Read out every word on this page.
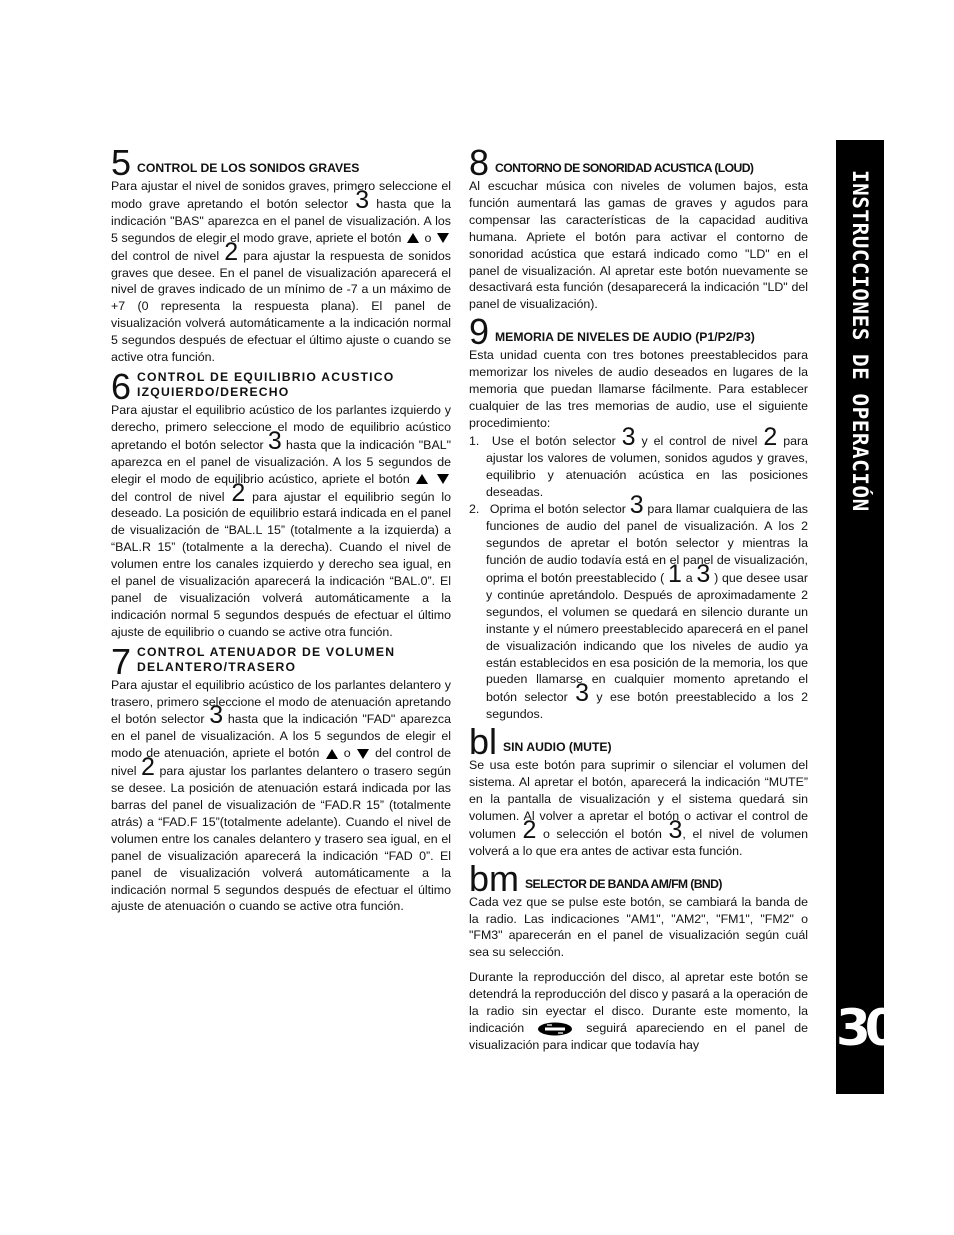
5 CONTROL DE LOS SONIDOS GRAVES

Para ajustar el nivel de sonidos graves, primero seleccione el modo grave apretando el botón selector 3 hasta que la indicación "BAS" aparezca en el panel de visualización. A los 5 segundos de elegir el modo grave, apriete el botón o  del control de nivel 2 para ajustar la respuesta de sonidos graves que desee. En el panel de visualización aparecerá el nivel de graves indicado de un mínimo de -7 a un máximo de +7 (0 representa la respuesta plana). El panel de visualización volverá automáticamente a la indicación normal 5 segundos después de efectuar el último ajuste o cuando se active otra función.

6 CONTROL DE EQUILIBRIO ACUSTICO IZQUIERDO/DERECHO

Para ajustar el equilibrio acústico de los parlantes izquierdo y derecho, primero seleccione el modo de equilibrio acústico apretando el botón selector 3 hasta que la indicación "BAL" aparezca en el panel de visualización. A los 5 segundos de elegir el modo de equilibrio acústico, apriete el botón   del control de nivel 2 para ajustar el equilibrio según lo deseado. La posición de equilibrio estará indicada en el panel de visualización de “BAL.L 15” (totalmente a la izquierda) a “BAL.R 15” (totalmente a la derecha). Cuando el nivel de volumen entre los canales izquierdo y derecho sea igual, en el panel de visualización aparecerá la indicación “BAL.0”. El panel de visualización volverá automáticamente a la indicación normal 5 segundos después de efectuar el último ajuste de equilibrio o cuando se active otra función.

7 CONTROL ATENUADOR DE VOLUMEN DELANTERO/TRASERO

Para ajustar el equilibrio acústico de los parlantes delantero y trasero, primero seleccione el modo de atenuación apretando el botón selector 3 hasta que la indicación "FAD" aparezca en el panel de visualización. A los 5 segundos de elegir el modo de atenuación, apriete el botón o del control de nivel 2 para ajustar los parlantes delantero o trasero según se desee. La posición de atenuación estará indicada por las barras del panel de visualización de “FAD.R 15” (totalmente atrás) a “FAD.F 15”(totalmente adelante). Cuando el nivel de volumen entre los canales delantero y trasero sea igual, en el panel de visualización aparecerá la indicación “FAD 0”. El panel de visualización volverá automáticamente a la indicación normal 5 segundos después de efectuar el último ajuste de atenuación o cuando se active otra función.

8 CONTORNO DE SONORIDAD ACUSTICA (LOUD)

Al escuchar música con niveles de volumen bajos, esta función aumentará las gamas de graves y agudos para compensar las características de la capacidad auditiva humana. Apriete el botón para activar el contorno de sonoridad acústica que estará indicado como "LD" en el panel de visualización. Al apretar este botón nuevamente se desactivará esta función (desaparecerá la indicación "LD" del panel de visualización).

9 MEMORIA DE NIVELES DE AUDIO (P1/P2/P3)

Esta unidad cuenta con tres botones preestablecidos para memorizar los niveles de audio deseados en lugares de la memoria que puedan llamarse fácilmente. Para establecer cualquier de las tres memorias de audio, use el siguiente procedimiento:

1. Use el botón selector 3 y el control de nivel 2 para ajustar los valores de volumen, sonidos agudos y graves, equilibrio y atenuación acústica en las posiciones deseadas.
2. Oprima el botón selector 3 para llamar cualquiera de las funciones de audio del panel de visualización. A los 2 segundos de apretar el botón selector y mientras la función de audio todavía está en el panel de visualización, oprima el botón preestablecido ( 1 a 3 ) que desee usar y continúe apretándolo. Después de aproximadamente 2 segundos, el volumen se quedará en silencio durante un instante y el número preestablecido aparecerá en el panel de visualización indicando que los niveles de audio ya están establecidos en esa posición de la memoria, los que pueden llamarse en cualquier momento apretando el botón selector 3 y ese botón preestablecido a los 2 segundos.
bl SIN AUDIO (MUTE)

Se usa este botón para suprimir o silenciar el volumen del sistema. Al apretar el botón, aparecerá la indicación “MUTE” en la pantalla de visualización y el sistema quedará sin volumen. Al volver a apretar el botón o activar el control de volumen 2 o selección el botón 3, el nivel de volumen volverá a lo que era antes de activar esta función.

bm SELECTOR DE BANDA AM/FM (BND)

Cada vez que se pulse este botón, se cambiará la banda de la radio. Las indicaciones "AM1", "AM2", "FM1", "FM2" o "FM3" aparecerán en el panel de visualización según cuál sea su selección.

Durante la reproducción del disco, al apretar este botón se detendrá la reproducción del disco y pasará a la operación de la radio sin eyectar el disco. Durante este momento, la indicación	seguirá apareciendo en el panel de visualización para indicar que todavía hay

INSTRUCCIONES DE OPERACIÓN
30
